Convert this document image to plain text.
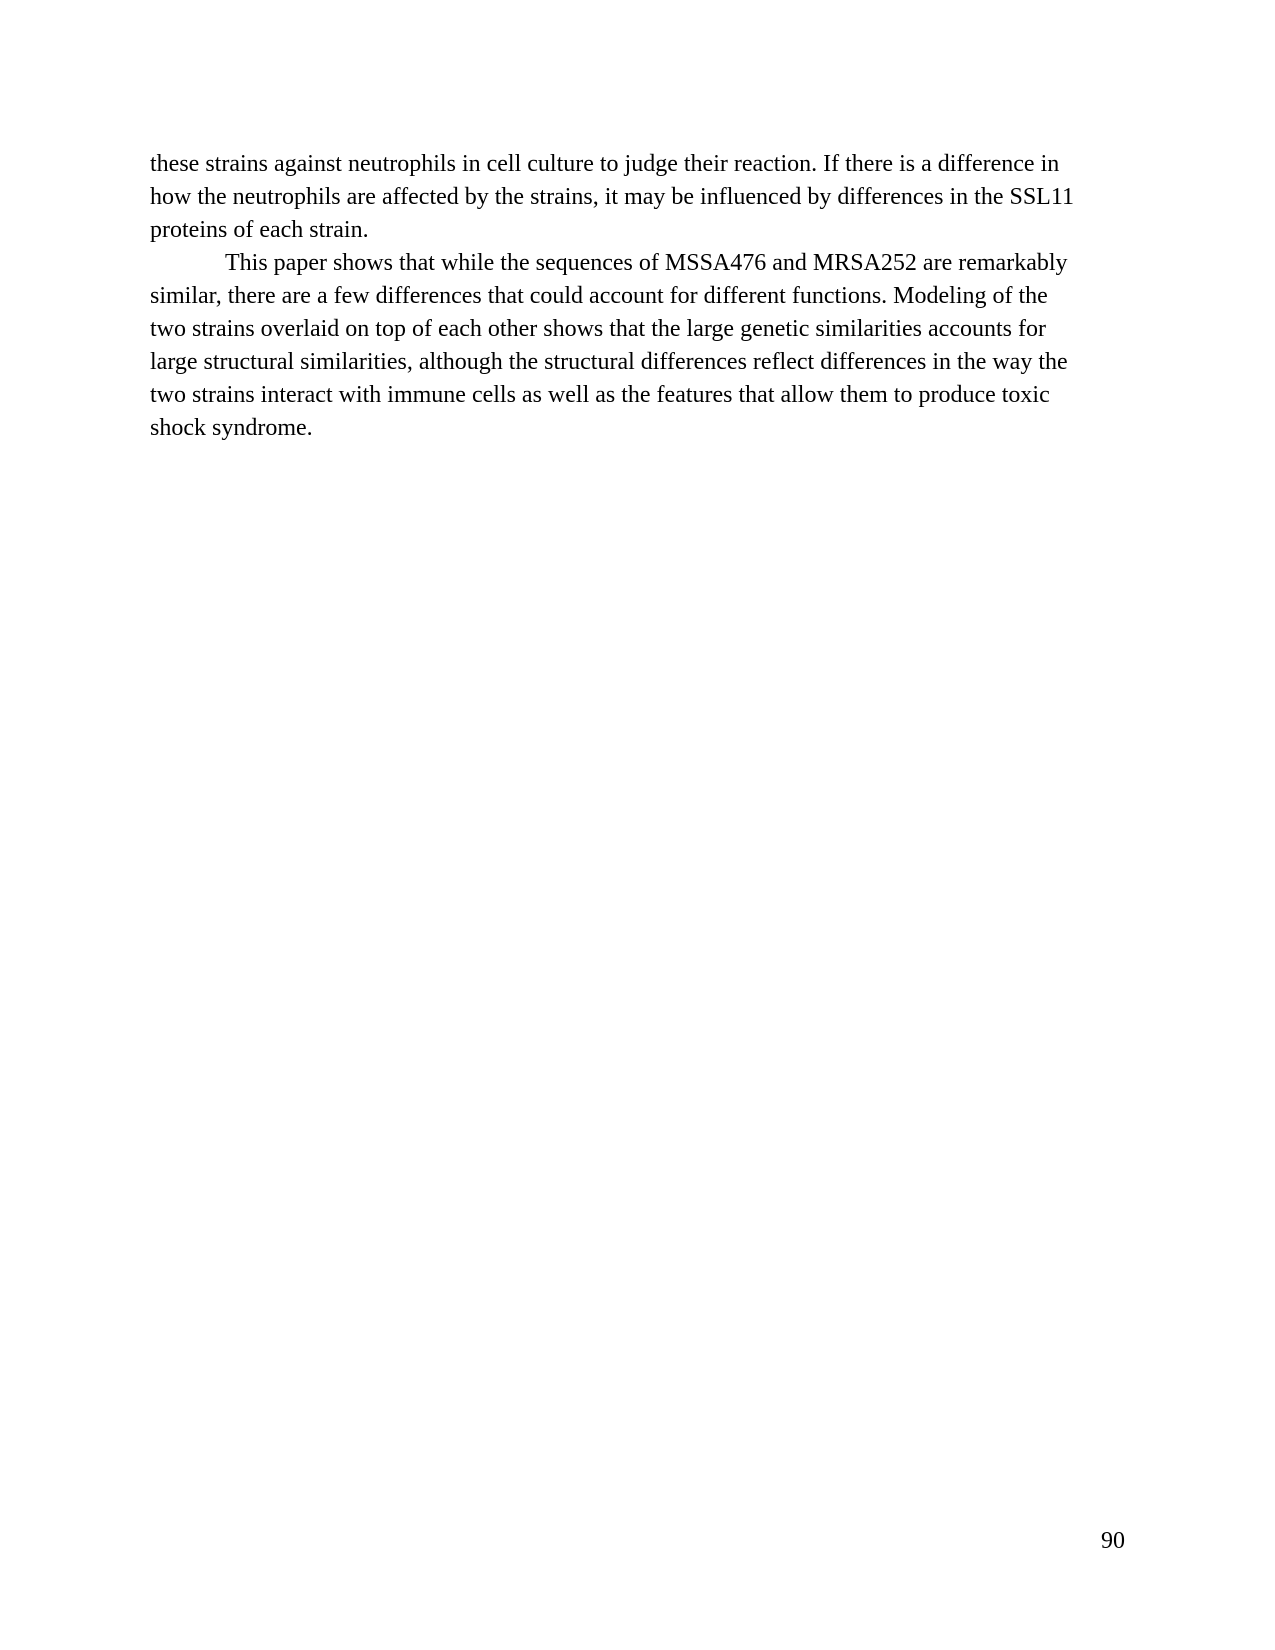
these strains against neutrophils in cell culture to judge their reaction. If there is a difference in
how the neutrophils are affected by the strains, it may be influenced by differences in the SSL11
proteins of each strain.

This paper shows that while the sequences of MSSA476 and MRSA252 are remarkably
similar, there are a few differences that could account for different functions. Modeling of the
two strains overlaid on top of each other shows that the large genetic similarities accounts for
large structural similarities, although the structural differences reflect differences in the way the
two strains interact with immune cells as well as the features that allow them to produce toxic
shock syndrome.

90
